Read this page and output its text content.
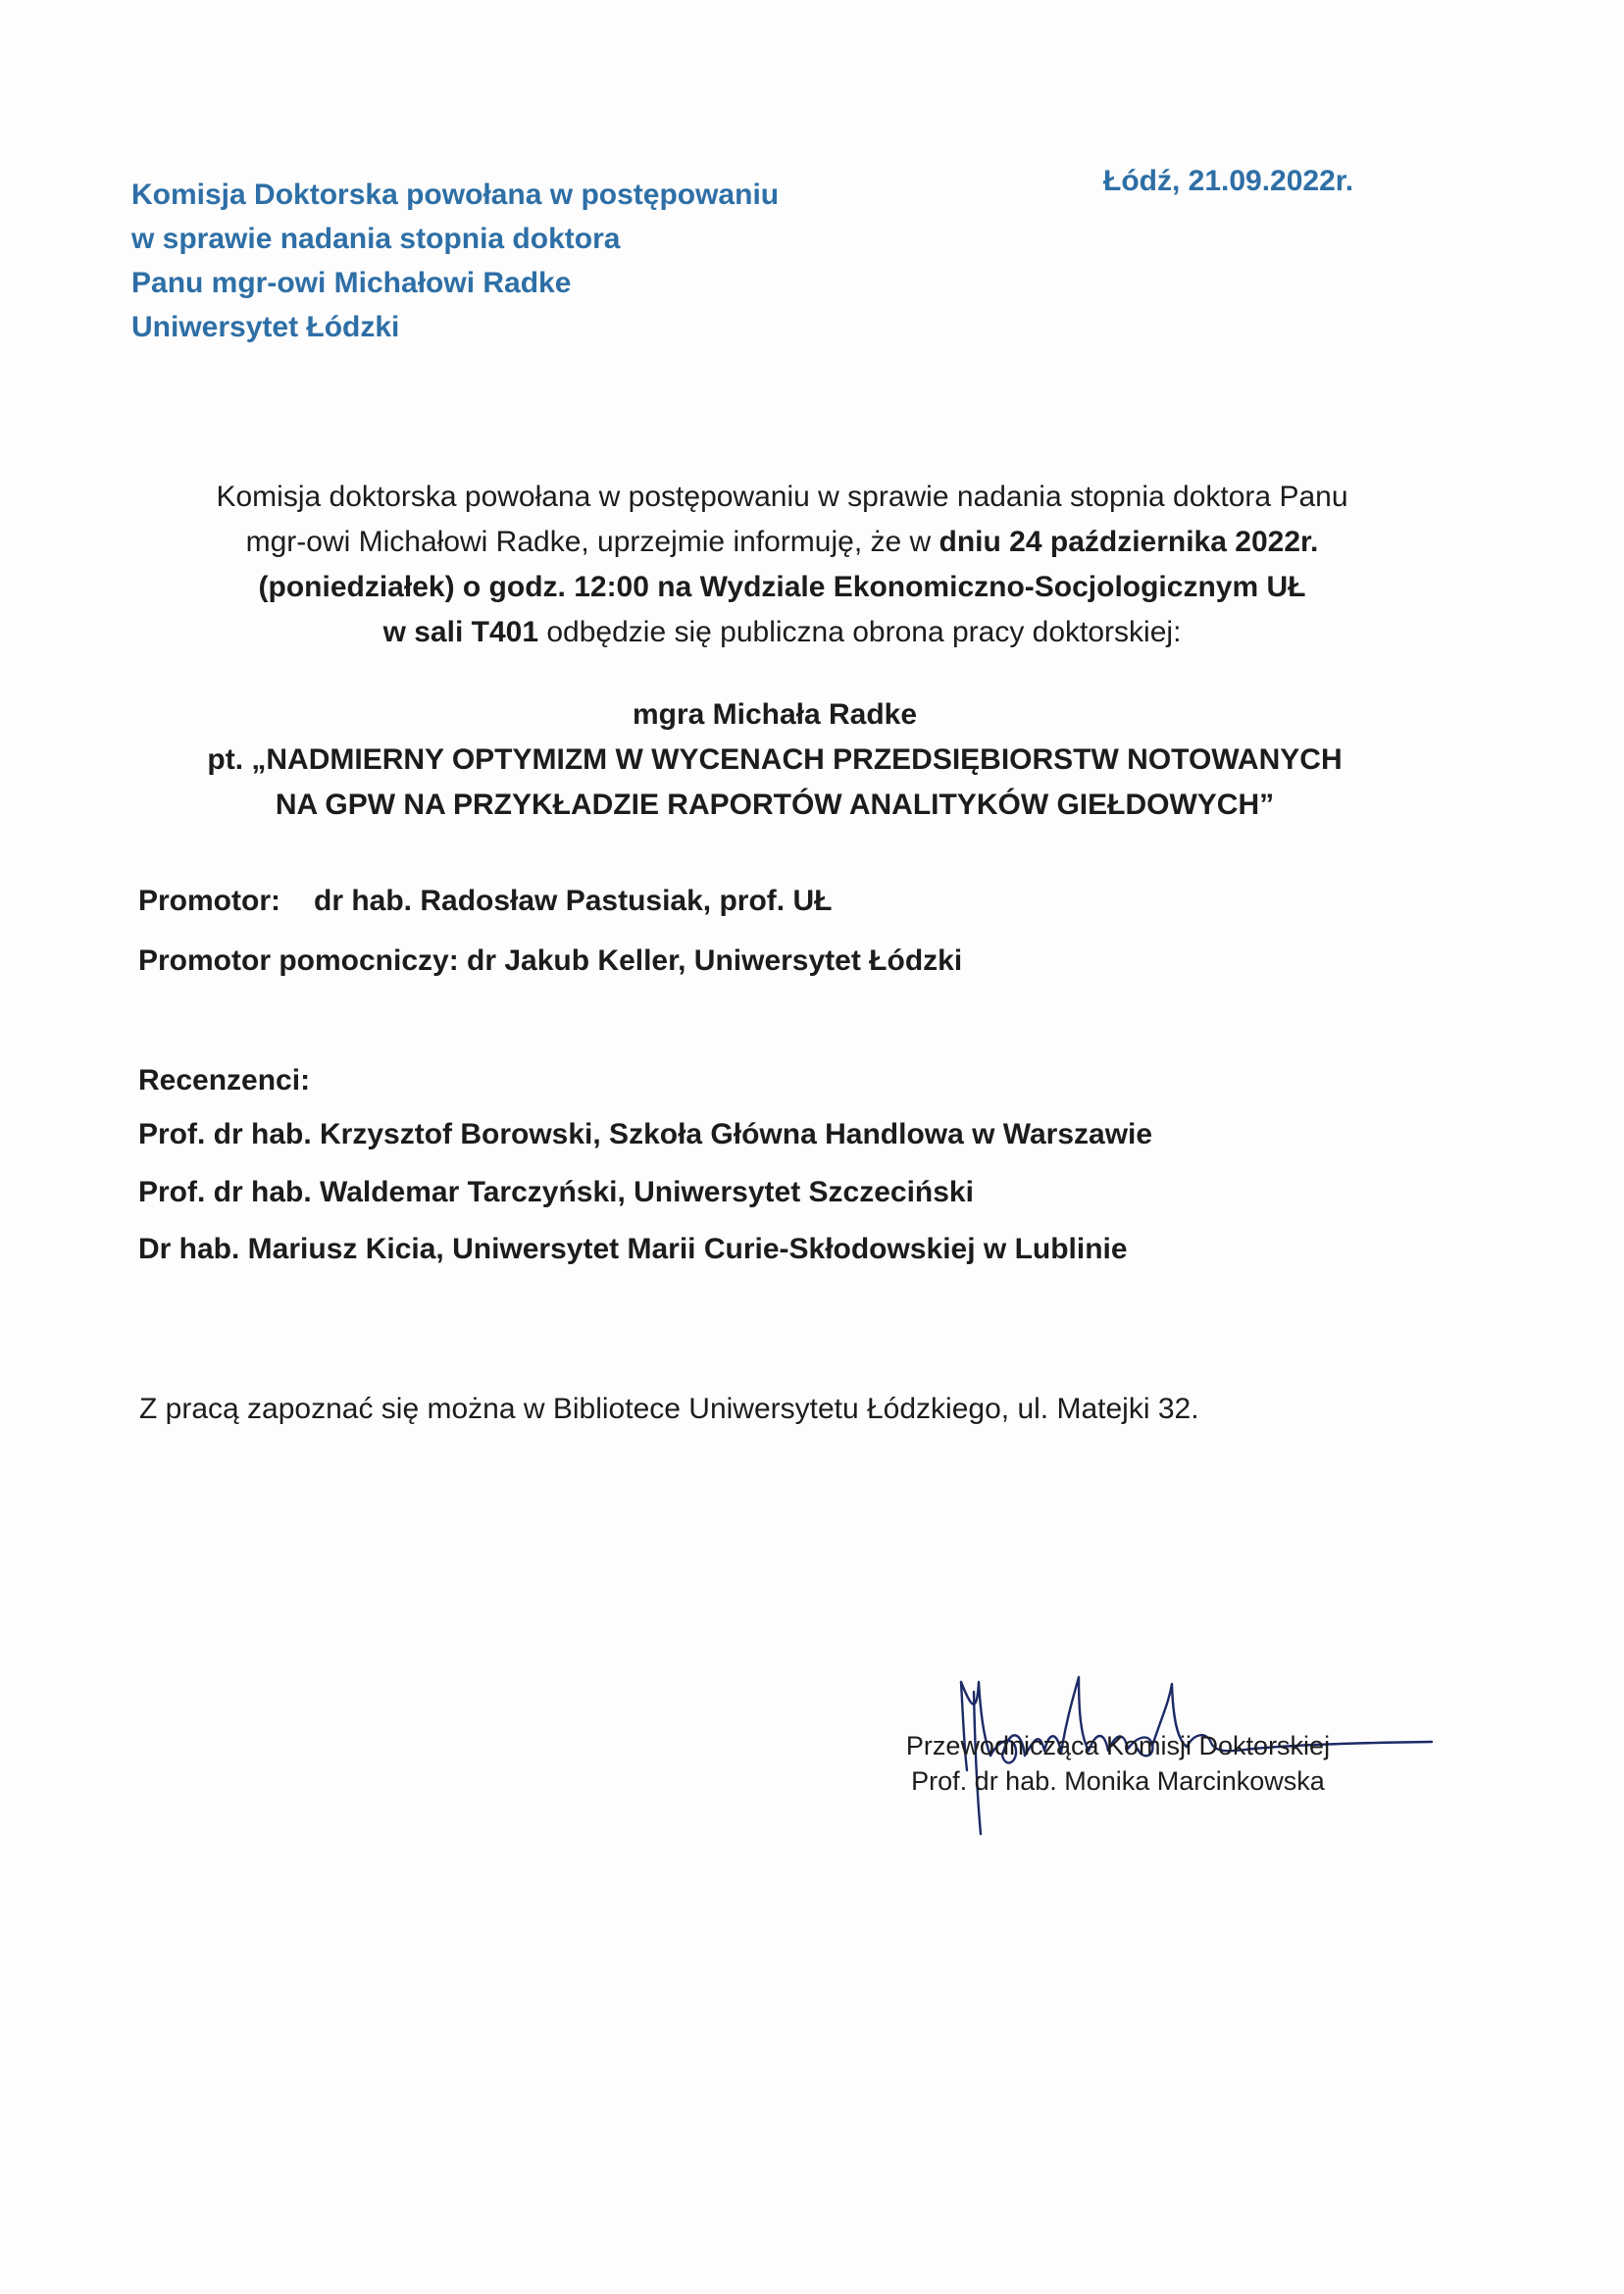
Komisja Doktorska powołana w postępowaniu
w sprawie nadania stopnia doktora
Panu mgr-owi Michałowi Radke
Uniwersytet Łódzki
Łódź, 21.09.2022r.
Komisja doktorska powołana w postępowaniu w sprawie nadania stopnia doktora Panu
mgr-owi Michałowi Radke, uprzejmie informuję, że w dniu 24 października 2022r.
(poniedziałek) o godz. 12:00 na Wydziale Ekonomiczno-Socjologicznym UŁ
w sali T401 odbędzie się publiczna obrona pracy doktorskiej:
mgra Michała Radke
pt. „NADMIERNY OPTYMIZM W WYCENACH PRZEDSIĘBIORSTW NOTOWANYCH
NA GPW NA PRZYKŁADZIE RAPORTÓW ANALITYKÓW GIEŁDOWYCH”
Promotor: dr hab. Radosław Pastusiak, prof. UŁ
Promotor pomocniczy: dr Jakub Keller, Uniwersytet Łódzki
Recenzenci:
Prof. dr hab. Krzysztof Borowski, Szkoła Główna Handlowa w Warszawie
Prof. dr hab. Waldemar Tarczyński, Uniwersytet Szczeciński
Dr hab. Mariusz Kicia, Uniwersytet Marii Curie-Skłodowskiej w Lublinie
Z pracą zapoznać się można w Bibliotece Uniwersytetu Łódzkiego, ul. Matejki 32.
Przewodnicząca Komisji Doktorskiej
Prof. dr hab. Monika Marcinkowska
